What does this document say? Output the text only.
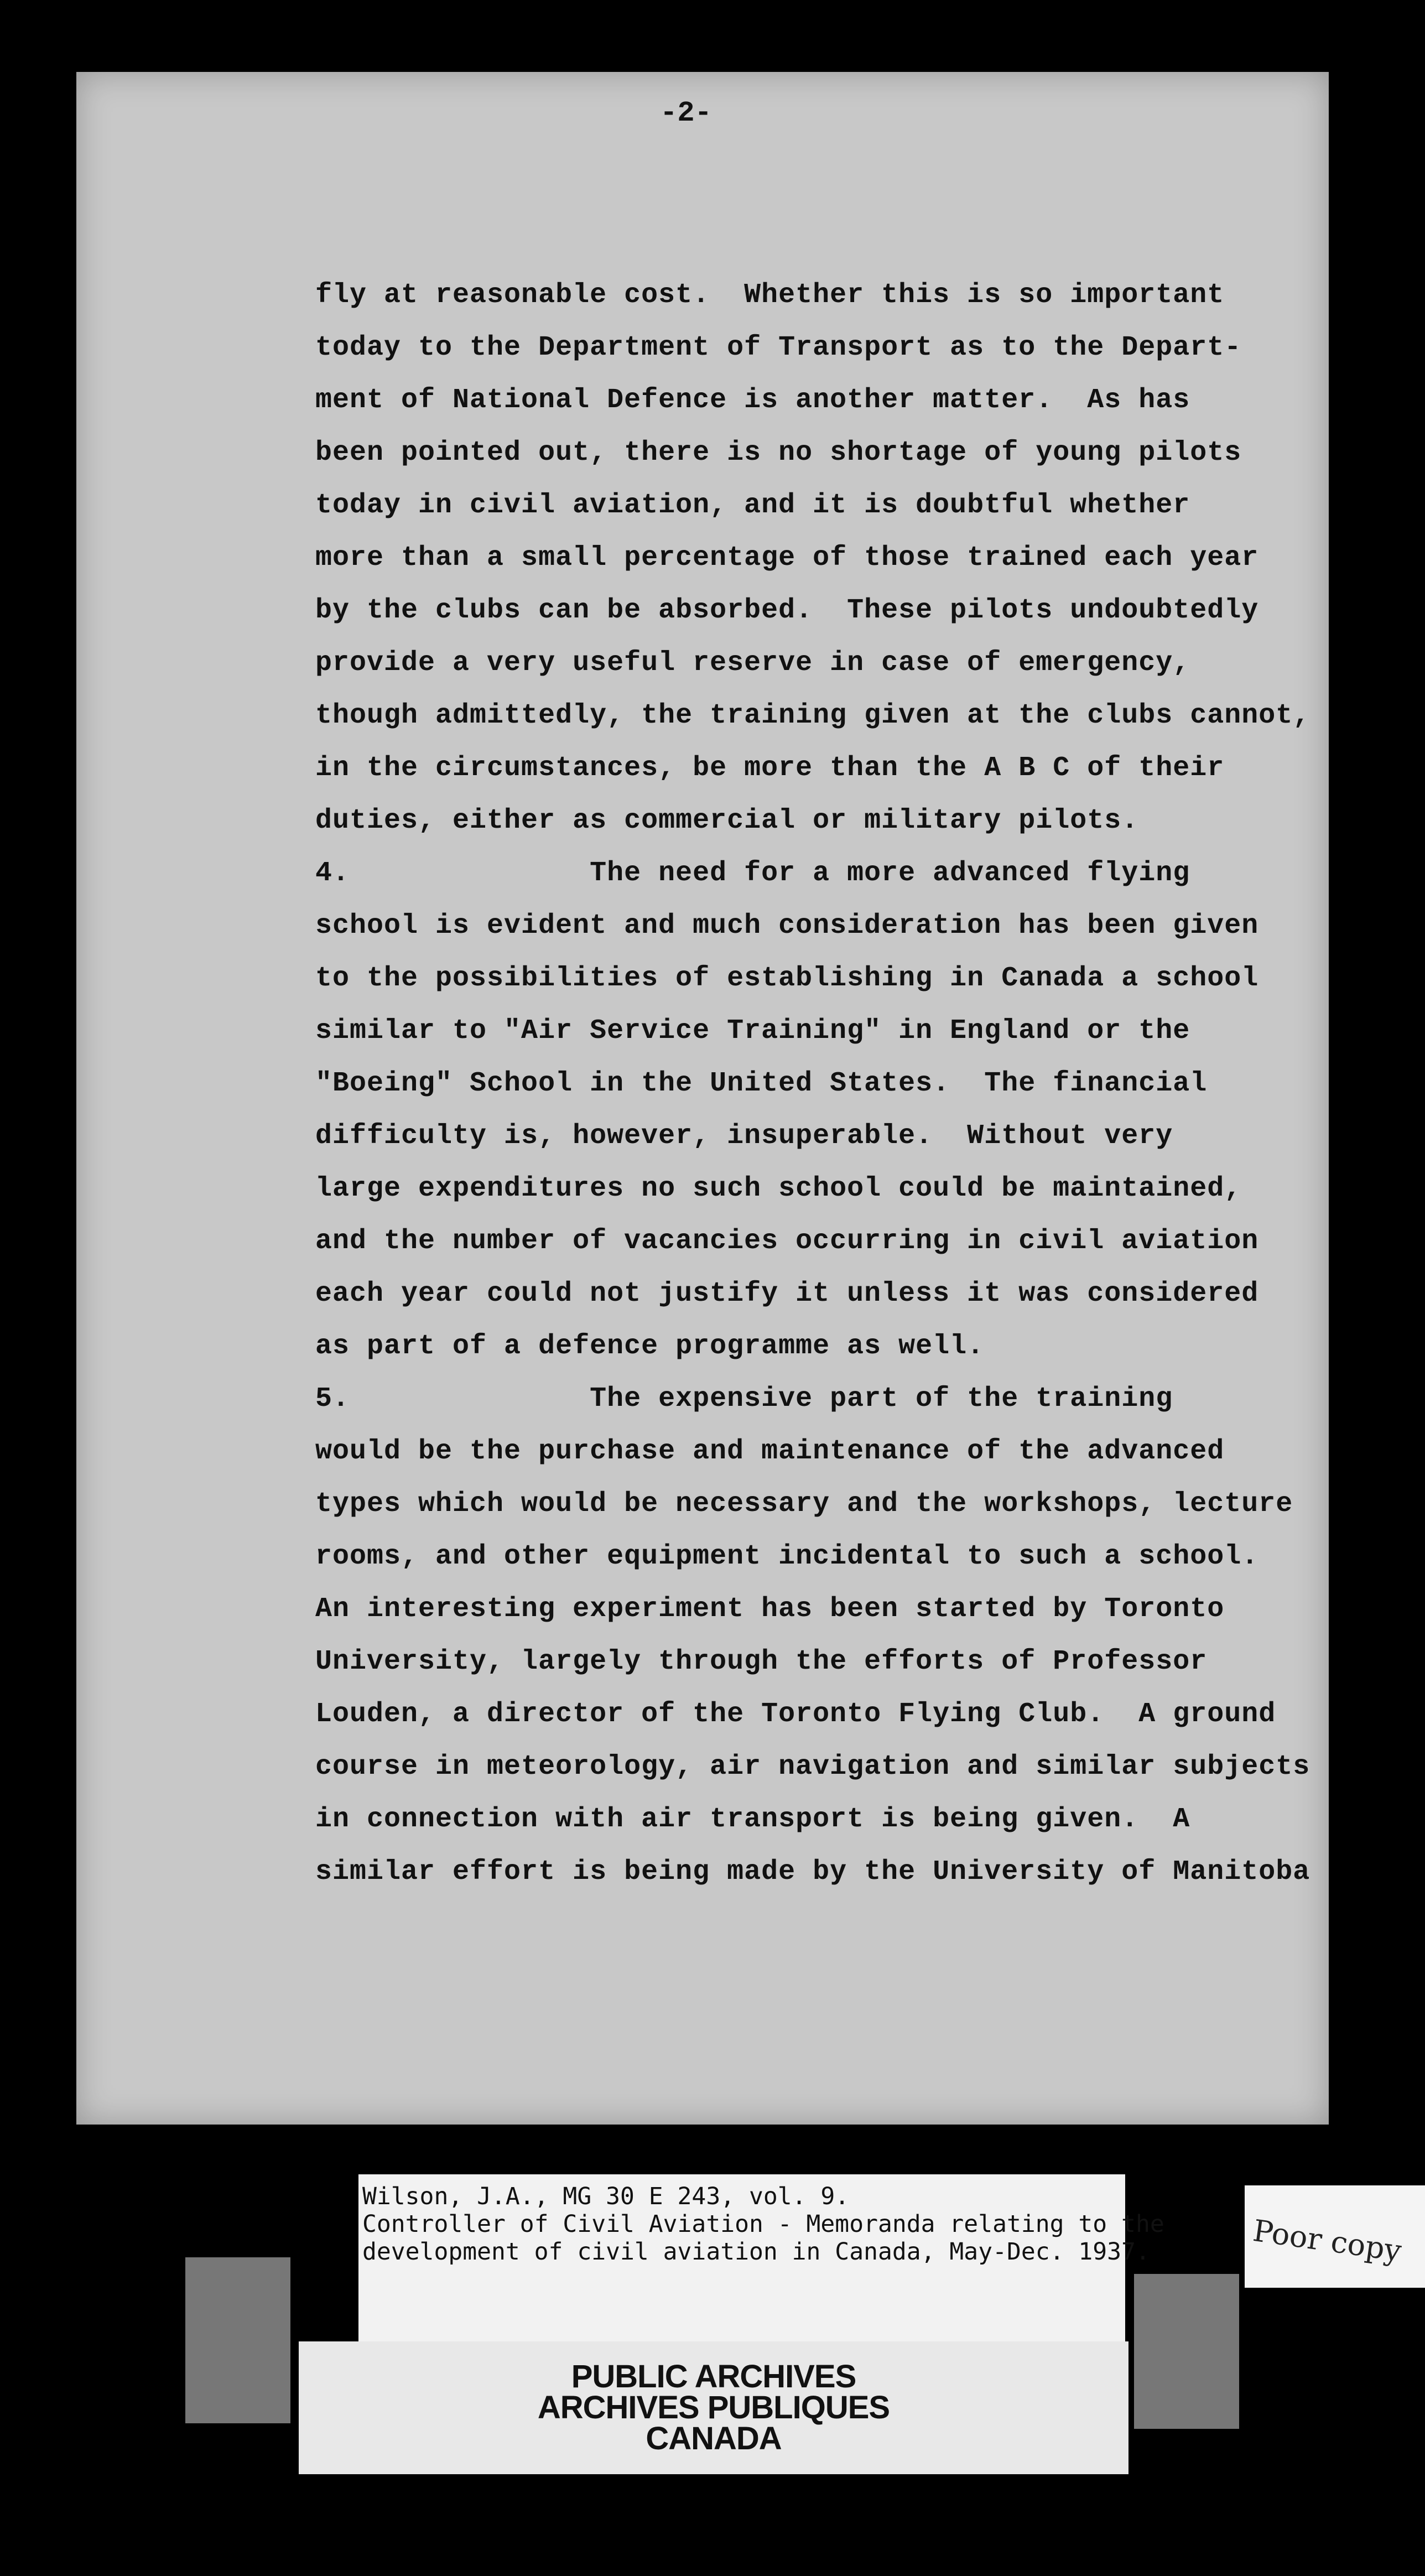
-2-
fly at reasonable cost.  Whether this is so important
today to the Department of Transport as to the Depart-
ment of National Defence is another matter.  As has
been pointed out, there is no shortage of young pilots
today in civil aviation, and it is doubtful whether
more than a small percentage of those trained each year
by the clubs can be absorbed.  These pilots undoubtedly
provide a very useful reserve in case of emergency,
though admittedly, the training given at the clubs cannot,
in the circumstances, be more than the A B C of their
duties, either as commercial or military pilots.
4.              The need for a more advanced flying
school is evident and much consideration has been given
to the possibilities of establishing in Canada a school
similar to "Air Service Training" in England or the
"Boeing" School in the United States.  The financial
difficulty is, however, insuperable.  Without very
large expenditures no such school could be maintained,
and the number of vacancies occurring in civil aviation
each year could not justify it unless it was considered
as part of a defence programme as well.
5.              The expensive part of the training
would be the purchase and maintenance of the advanced
types which would be necessary and the workshops, lecture
rooms, and other equipment incidental to such a school.
An interesting experiment has been started by Toronto
University, largely through the efforts of Professor
Louden, a director of the Toronto Flying Club.  A ground
course in meteorology, air navigation and similar subjects
in connection with air transport is being given.  A
similar effort is being made by the University of Manitoba
Wilson, J.A., MG 30 E 243, vol. 9.
Controller of Civil Aviation - Memoranda relating to the
development of civil aviation in Canada, May-Dec. 1937.
PUBLIC ARCHIVES
ARCHIVES PUBLIQUES
CANADA
Poor copy
